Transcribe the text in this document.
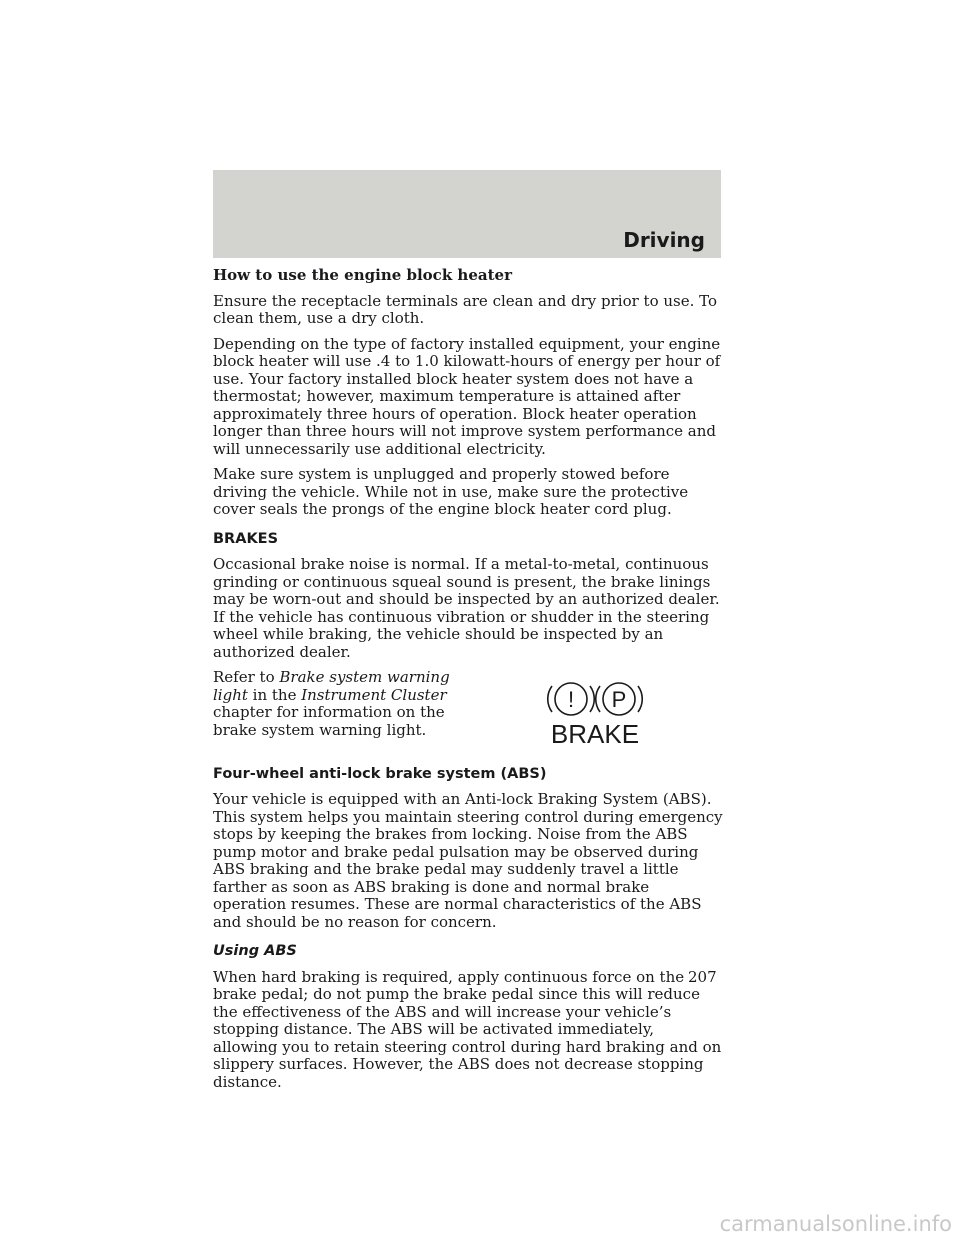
Driving
How to use the engine block heater

Ensure the receptacle terminals are clean and dry prior to use. To clean them, use a dry cloth.

Depending on the type of factory installed equipment, your engine block heater will use .4 to 1.0 kilowatt-hours of energy per hour of use. Your factory installed block heater system does not have a thermostat; however, maximum temperature is attained after approximately three hours of operation. Block heater operation longer than three hours will not improve system performance and will unnecessarily use additional electricity.

Make sure system is unplugged and properly stowed before driving the vehicle. While not in use, make sure the protective cover seals the prongs of the engine block heater cord plug.

BRAKES

Occasional brake noise is normal. If a metal-to-metal, continuous grinding or continuous squeal sound is present, the brake linings may be worn-out and should be inspected by an authorized dealer. If the vehicle has continuous vibration or shudder in the steering wheel while braking, the vehicle should be inspected by an authorized dealer.

Refer to Brake system warning light in the Instrument Cluster chapter for information on the brake system warning light.
! P
BRAKE
Four-wheel anti-lock brake system (ABS)

Your vehicle is equipped with an Anti-lock Braking System (ABS). This system helps you maintain steering control during emergency stops by keeping the brakes from locking. Noise from the ABS pump motor and brake pedal pulsation may be observed during ABS braking and the brake pedal may suddenly travel a little farther as soon as ABS braking is done and normal brake operation resumes. These are normal characteristics of the ABS and should be no reason for concern.

Using ABS

When hard braking is required, apply continuous force on the brake pedal; do not pump the brake pedal since this will reduce the effectiveness of the ABS and will increase your vehicle’s stopping distance. The ABS will be activated immediately, allowing you to retain steering control during hard braking and on slippery surfaces. However, the ABS does not decrease stopping distance.

207
carmanualsonline.info
